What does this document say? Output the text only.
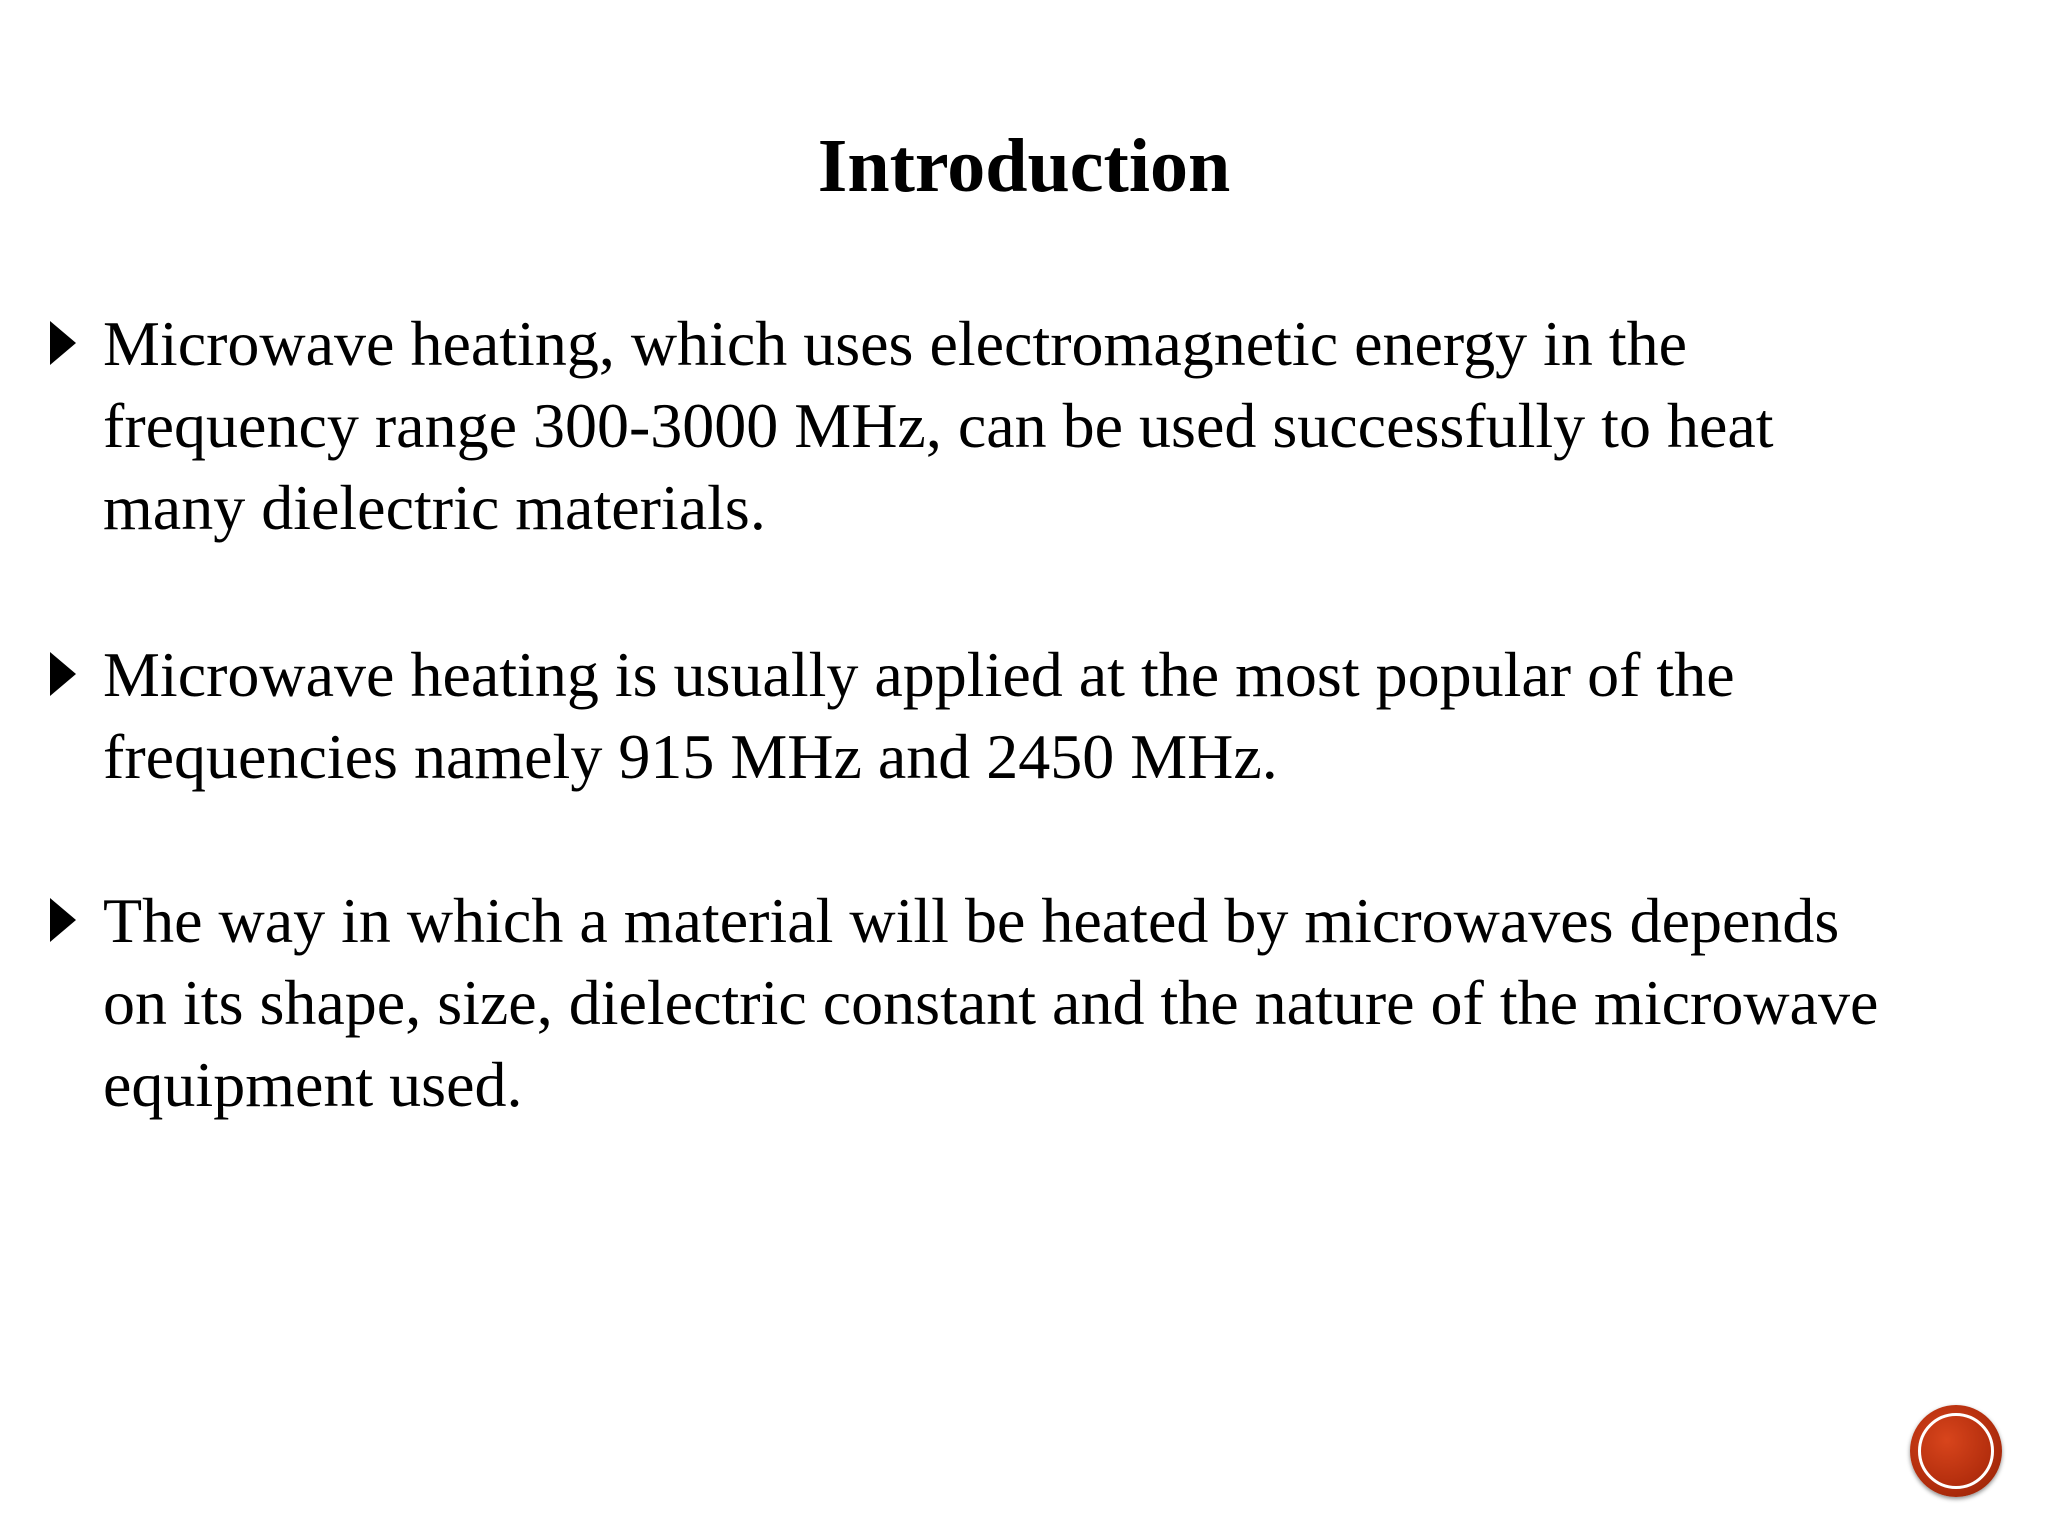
Introduction

Microwave heating, which uses electromagnetic energy in the
frequency range 300-3000 MHz, can be used successfully to heat
many dielectric materials.

Microwave heating is usually applied at the most popular of the
frequencies namely 915 MHz and 2450 MHz.

The way in which a material will be heated by microwaves depends
on its shape, size, dielectric constant and the nature of the microwave
equipment used.
